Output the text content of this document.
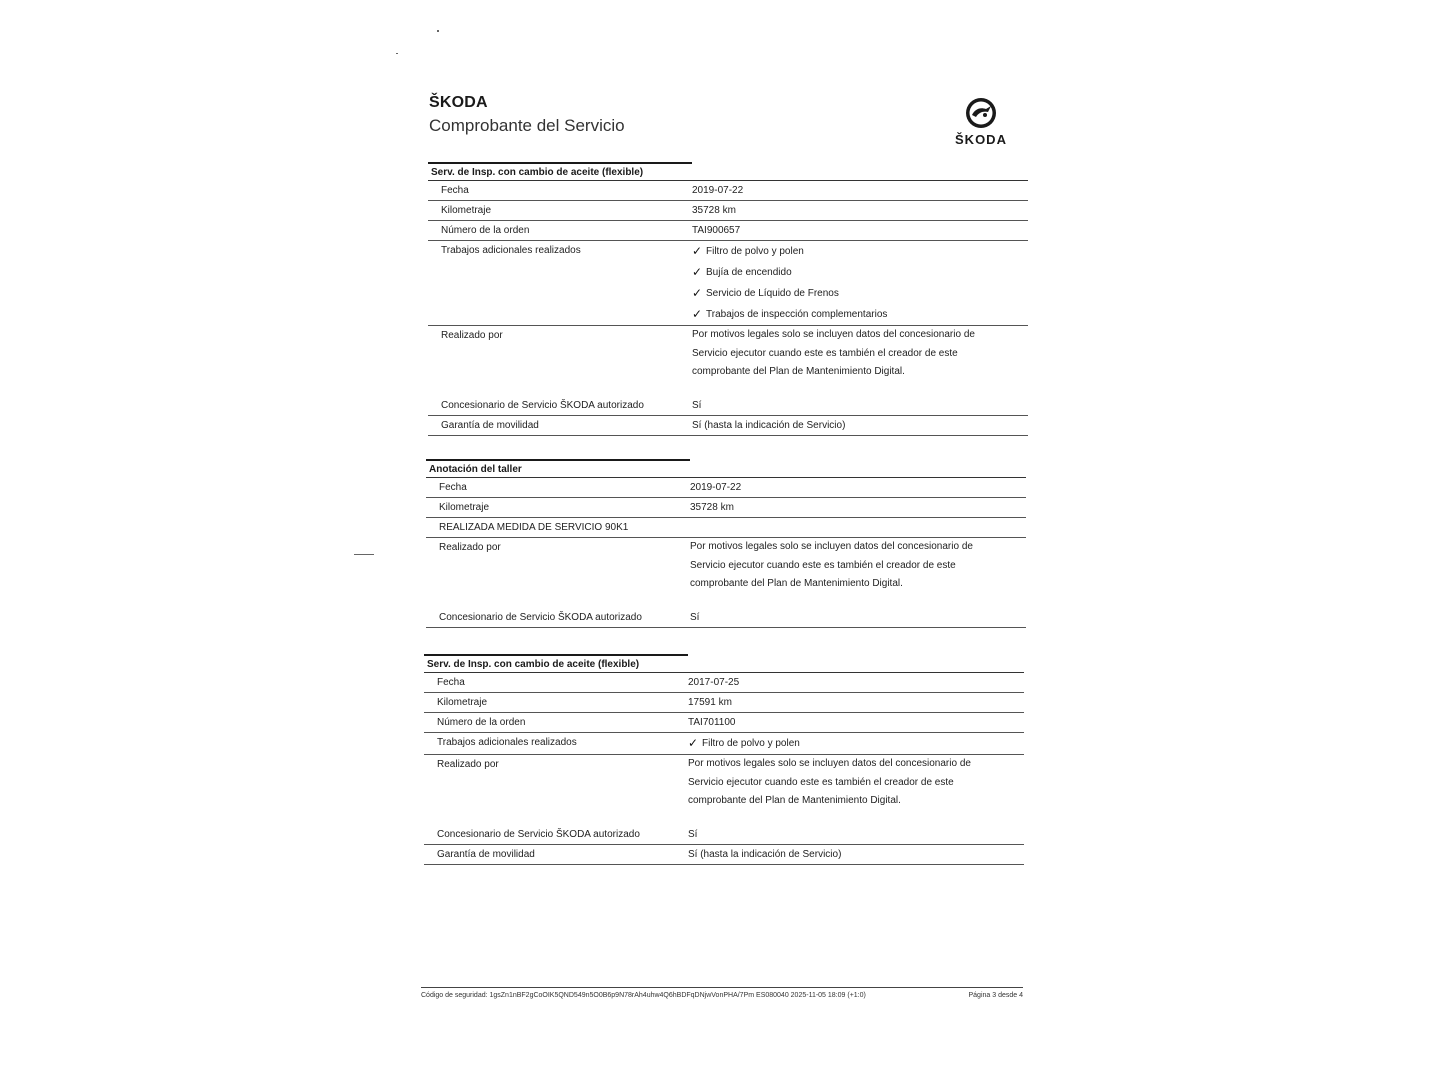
ŠKODA
Comprobante del Servicio
ŠKODA
Serv. de Insp. con cambio de aceite (flexible)
Fecha	2019-07-22
Kilometraje	35728 km
Número de la orden	TAI900657
Trabajos adicionales realizados	✓ Filtro de polvo y polen
✓ Bujía de encendido
✓ Servicio de Líquido de Frenos
✓ Trabajos de inspección complementarios
Realizado por	Por motivos legales solo se incluyen datos del concesionario de
Servicio ejecutor cuando este es también el creador de este
comprobante del Plan de Mantenimiento Digital.
Concesionario de Servicio ŠKODA autorizado	Sí
Garantía de movilidad	Sí (hasta la indicación de Servicio)
Anotación del taller
Fecha	2019-07-22
Kilometraje	35728 km
REALIZADA MEDIDA DE SERVICIO 90K1
Realizado por	Por motivos legales solo se incluyen datos del concesionario de
Servicio ejecutor cuando este es también el creador de este
comprobante del Plan de Mantenimiento Digital.
Concesionario de Servicio ŠKODA autorizado	Sí
Serv. de Insp. con cambio de aceite (flexible)
Fecha	2017-07-25
Kilometraje	17591 km
Número de la orden	TAI701100
Trabajos adicionales realizados	✓ Filtro de polvo y polen
Realizado por	Por motivos legales solo se incluyen datos del concesionario de
Servicio ejecutor cuando este es también el creador de este
comprobante del Plan de Mantenimiento Digital.
Concesionario de Servicio ŠKODA autorizado	Sí
Garantía de movilidad	Sí (hasta la indicación de Servicio)
Código de seguridad: 1gsZn1nBF2gCoOIK5QND549n5O0B6p9N78rAh4uhw4Q6hBDFqDNjwVonPHA/7Pm ES080040 2025-11-05 18:09 (+1:0)	Página 3 desde 4
